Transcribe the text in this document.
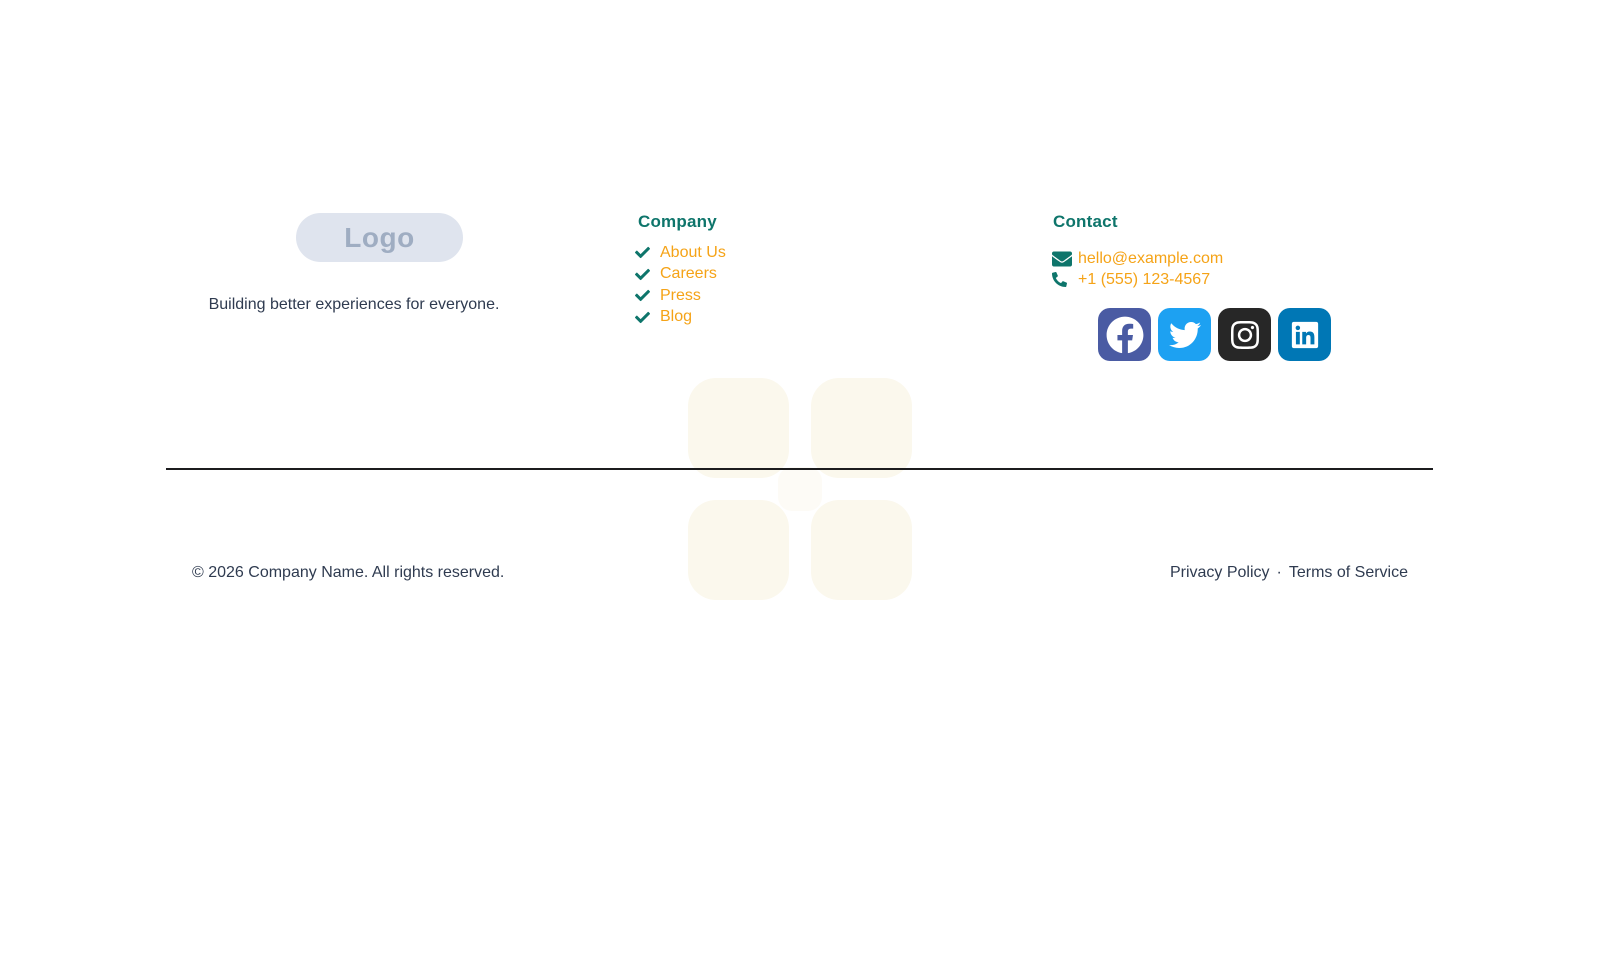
Logo
Building better experiences for everyone.
Company
About Us
Careers
Press
Blog
Contact
hello@example.com
+1 (555) 123-4567
© 2026 Company Name. All rights reserved.	Privacy Policy · Terms of Service
